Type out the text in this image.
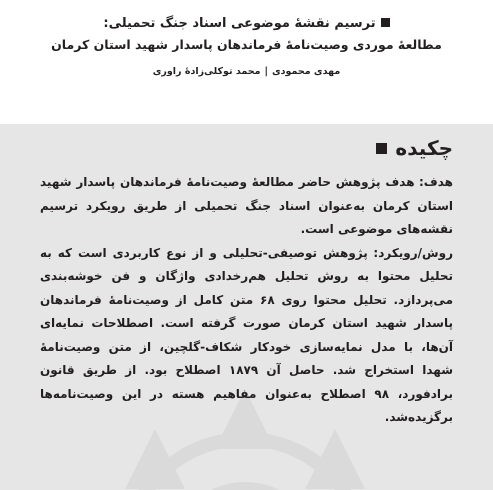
ترسیم نقشهٔ موضوعی اسناد جنگ تحمیلی:
مطالعهٔ موردی وصیت‌نامهٔ فرماندهان پاسدار شهید استان کرمان
مهدی محمودی|محمد توکلی‌زادهٔ راوری
چکیده

هدف: هدف پژوهش حاضر مطالعهٔ وصیت‌نامهٔ فرماندهان پاسدار شهید استان کرمان به‌عنوان اسناد جنگ تحمیلی از طریق رویکرد ترسیم نقشه‌های موضوعی است.

روش/رویکرد: پژوهش توصیفی-تحلیلی و از نوع کاربردی است که به تحلیل محتوا به روش تحلیل هم‌رخدادی واژگان و فن خوشه‌بندی می‌پردازد. تحلیل محتوا روی ۶۸ متن کامل از وصیت‌نامهٔ فرماندهان پاسدار شهید استان کرمان صورت گرفته است. اصطلاحات نمایه‌ای آن‌ها، با مدل نمایه‌سازی خودکار شکاف-گلچین، از متن وصیت‌نامهٔ شهدا استخراج شد. حاصل آن ۱۸۷۹ اصطلاح بود. از طریق قانون برادفورد، ۹۸ اصطلاح به‌عنوان مفاهیم هسته در این وصیت‌نامه‌ها برگزیده‌شد.
